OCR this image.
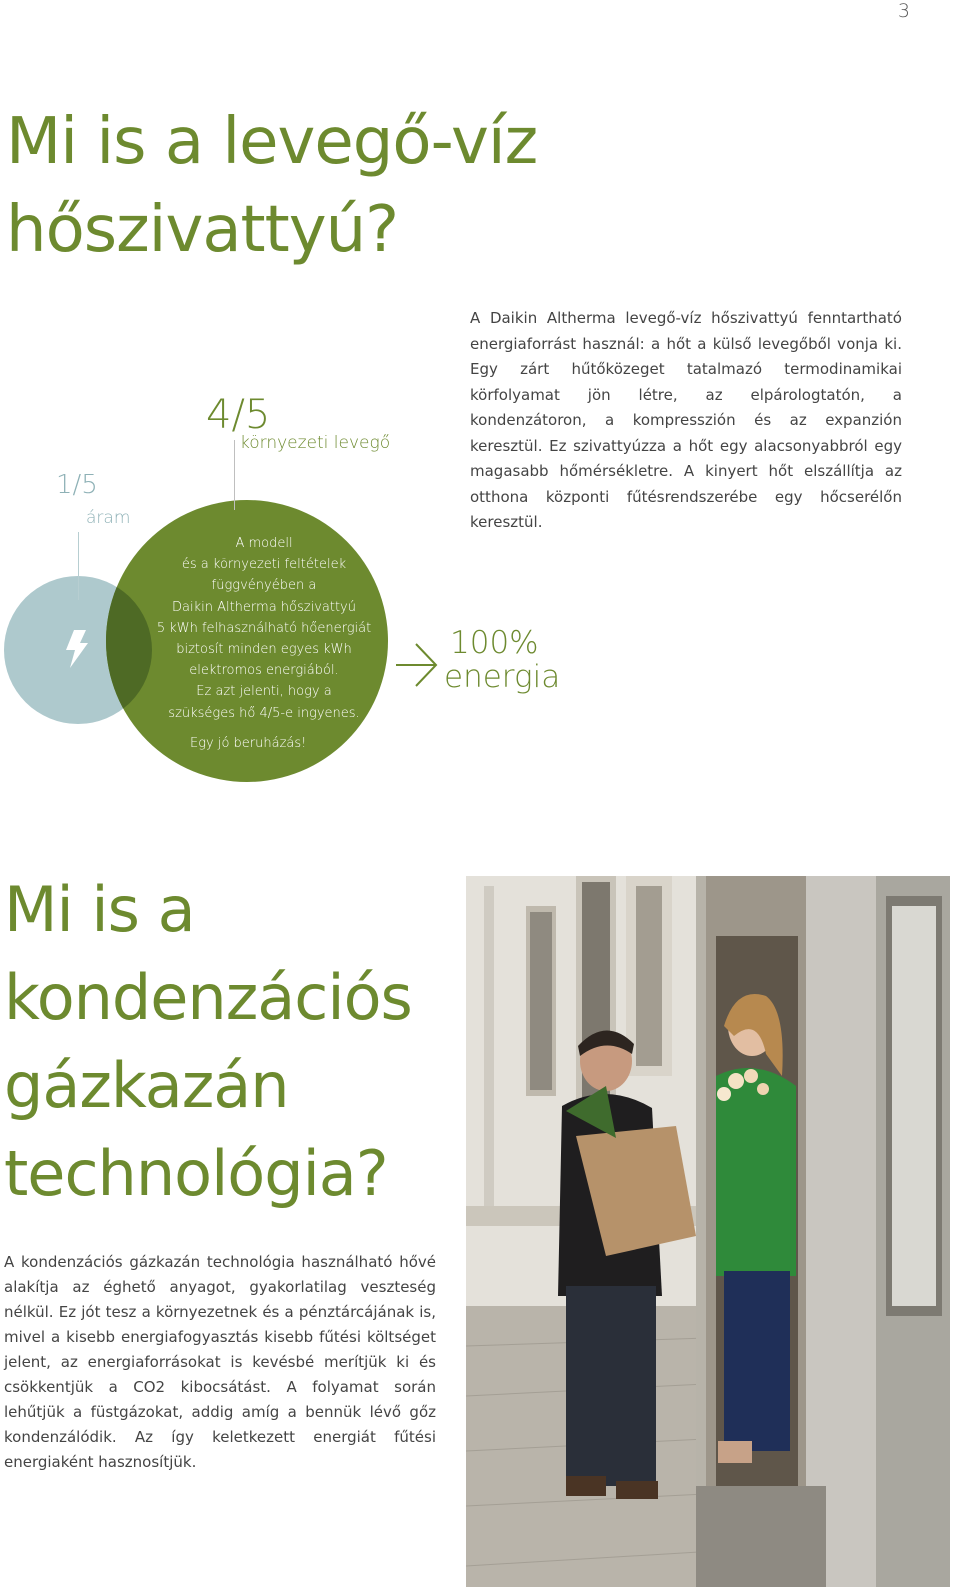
3
Mi is a levegő-víz
hőszivattyú?

A Daikin Altherma levegő-víz hőszivattyú fenntartható energiaforrást használ: a hőt a külső levegőből vonja ki. Egy zárt hűtőközeget tatalmazó termodinamikai körfolyamat jön létre, az elpárologtatón, a kondenzátoron, a kompresszión és az expanzión keresztül. Ez szivattyúzza a hőt egy alacsonyabbról egy magasabb hőmérsékletre. A kinyert hőt elszállítja az otthona központi fűtésrendszerébe egy hőcserélőn keresztül.

1/5
áram
4/5
környezeti levegő
A modell
és a környezeti feltételek
függvényében a
Daikin Altherma hőszivattyú
5 kWh felhasználható hőenergiát
biztosít minden egyes kWh
elektromos energiából.
Ez azt jelenti, hogy a
szükséges hő 4/5-e ingyenes.
Egy jó beruházás!
100%
energia
Mi is a
kondenzációs
gázkazán
technológia?

A kondenzációs gázkazán technológia használható hővé alakítja az éghető anyagot, gyakorlatilag veszteség nélkül. Ez jót tesz a környezetnek és a pénztárcájának is, mivel a kisebb energiafogyasztás kisebb fűtési költséget jelent, az energiaforrásokat is kevésbé merítjük ki és csökkentjük a CO2 kibocsátást. A folyamat során lehűtjük a füstgázokat, addig amíg a bennük lévő gőz kondenzálódik. Az így keletkezett energiát fűtési energiaként hasznosítjük.
